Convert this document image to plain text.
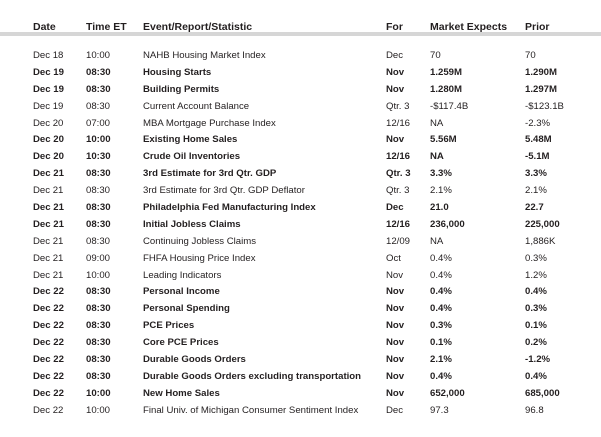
Date	Time ET Event/Report/Statistic	For	Market Expects Prior
Dec 18 10:00	NAHB Housing Market Index	Dec	70	70
Dec 19 08:30	Housing Starts	Nov	1.259M	1.290M
Dec 19 08:30	Building Permits	Nov	1.280M	1.297M
Dec 19 08:30	Current Account Balance	Qtr. 3 -$117.4B	-$123.1B
Dec 20 07:00	MBA Mortgage Purchase Index	12/16 NA	-2.3%
Dec 20 10:00	Existing Home Sales	Nov	5.56M	5.48M
Dec 20 10:30	Crude Oil Inventories	12/16 NA	-5.1M
Dec 21 08:30	3rd Estimate for 3rd Qtr. GDP	Qtr. 3 3.3%	3.3%
Dec 21 08:30	3rd Estimate for 3rd Qtr. GDP Deflator	Qtr. 3 2.1%	2.1%
Dec 21 08:30	Philadelphia Fed Manufacturing Index	Dec	21.0	22.7
Dec 21 08:30	Initial Jobless Claims	12/16 236,000	225,000
Dec 21 08:30	Continuing Jobless Claims	12/09 NA	1,886K
Dec 21 09:00	FHFA Housing Price Index	Oct	0.4%	0.3%
Dec 21 10:00	Leading Indicators	Nov	0.4%	1.2%
Dec 22 08:30	Personal Income	Nov	0.4%	0.4%
Dec 22 08:30	Personal Spending	Nov	0.4%	0.3%
Dec 22 08:30	PCE Prices	Nov	0.3%	0.1%
Dec 22 08:30	Core PCE Prices	Nov	0.1%	0.2%
Dec 22 08:30	Durable Goods Orders	Nov	2.1%	-1.2%
Dec 22 08:30	Durable Goods Orders excluding transportation	Nov	0.4%	0.4%
Dec 22 10:00	New Home Sales	Nov	652,000	685,000
Dec 22 10:00	Final Univ. of Michigan Consumer Sentiment Index	Dec	97.3	96.8
